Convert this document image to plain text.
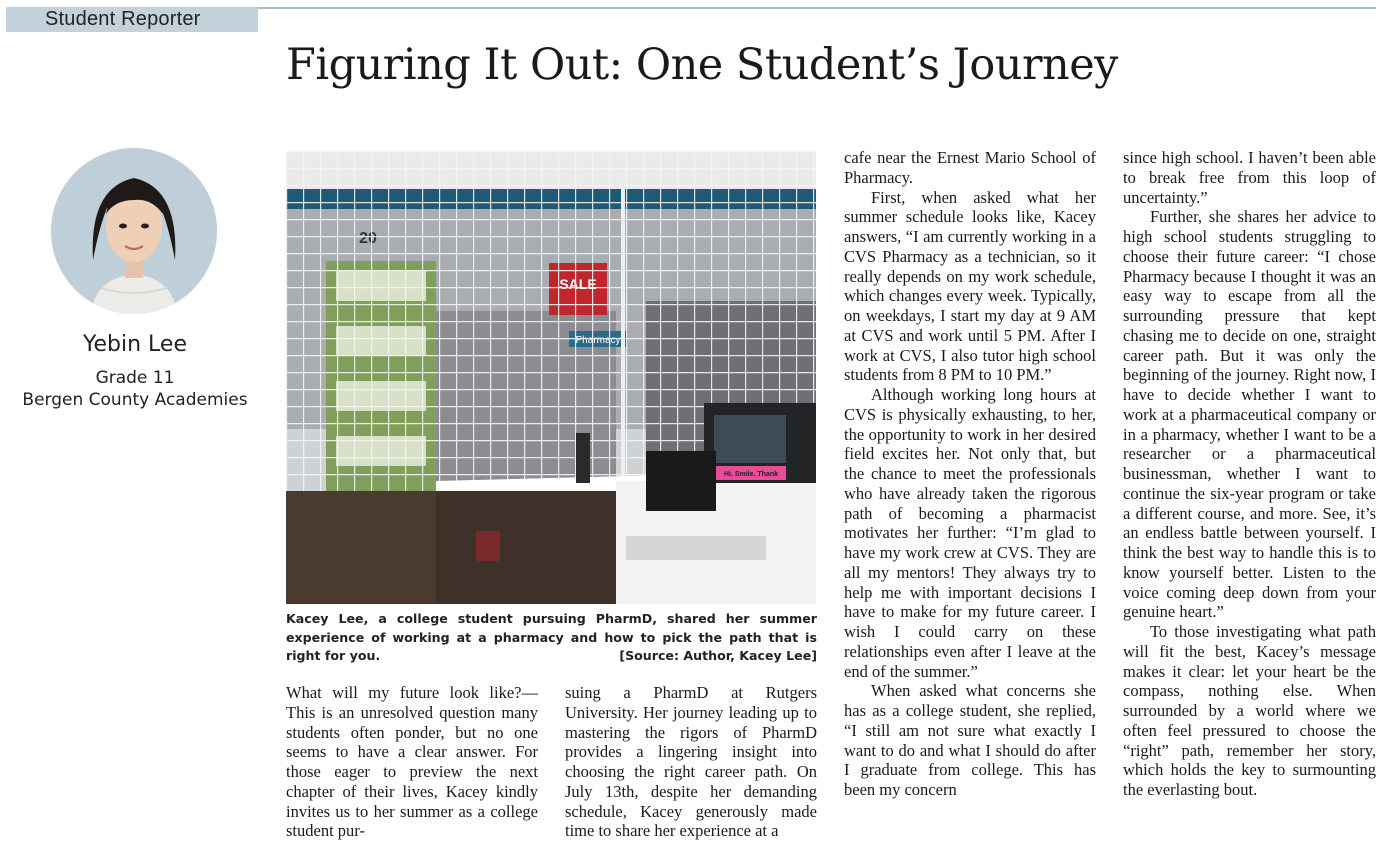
Student Reporter
Figuring It Out: One Student’s Journey
Yebin Lee
Grade 11
Bergen County Academies
Hi. Smile. Thank
Kacey Lee, a college student pursuing PharmD, shared her summer experience of working at a pharmacy and how to pick the path that is right for you.	[Source: Author, Kacey Lee]

What will my future look like?— This is an unresolved question many students often ponder, but no one seems to have a clear answer. For those eager to preview the next chapter of their lives, Kacey kindly invites us to her summer as a college student pur-

suing a PharmD at Rutgers University. Her journey leading up to mastering the rigors of PharmD provides a lingering insight into choosing the right career path. On July 13th, despite her demanding schedule, Kacey generously made time to share her experience at a

cafe near the Ernest Mario School of Pharmacy.

First, when asked what her summer schedule looks like, Kacey answers, “I am currently working in a CVS Pharmacy as a technician, so it really depends on my work schedule, which changes every week. Typically, on weekdays, I start my day at 9 AM at CVS and work until 5 PM. After I work at CVS, I also tutor high school students from 8 PM to 10 PM.”

Although working long hours at CVS is physically exhausting, to her, the opportunity to work in her desired field excites her. Not only that, but the chance to meet the professionals who have already taken the rigorous path of becoming a pharmacist motivates her further: “I’m glad to have my work crew at CVS. They are all my mentors! They always try to help me with important decisions I have to make for my future career. I wish I could carry on these relationships even after I leave at the end of the summer.”

When asked what concerns she has as a college student, she replied, “I still am not sure what exactly I want to do and what I should do after I graduate from college. This has been my concern

since high school. I haven’t been able to break free from this loop of uncertainty.”

Further, she shares her advice to high school students struggling to choose their future career: “I chose Pharmacy because I thought it was an easy way to escape from all the surrounding pressure that kept chasing me to decide on one, straight career path. But it was only the beginning of the journey. Right now, I have to decide whether I want to work at a pharmaceutical company or in a pharmacy, whether I want to be a researcher or a pharmaceutical businessman, whether I want to continue the six-year program or take a different course, and more. See, it’s an endless battle between yourself. I think the best way to handle this is to know yourself better. Listen to the voice coming deep down from your genuine heart.”

To those investigating what path will fit the best, Kacey’s message makes it clear: let your heart be the compass, nothing else. When surrounded by a world where we often feel pressured to choose the “right” path, remember her story, which holds the key to surmounting the everlasting bout.
